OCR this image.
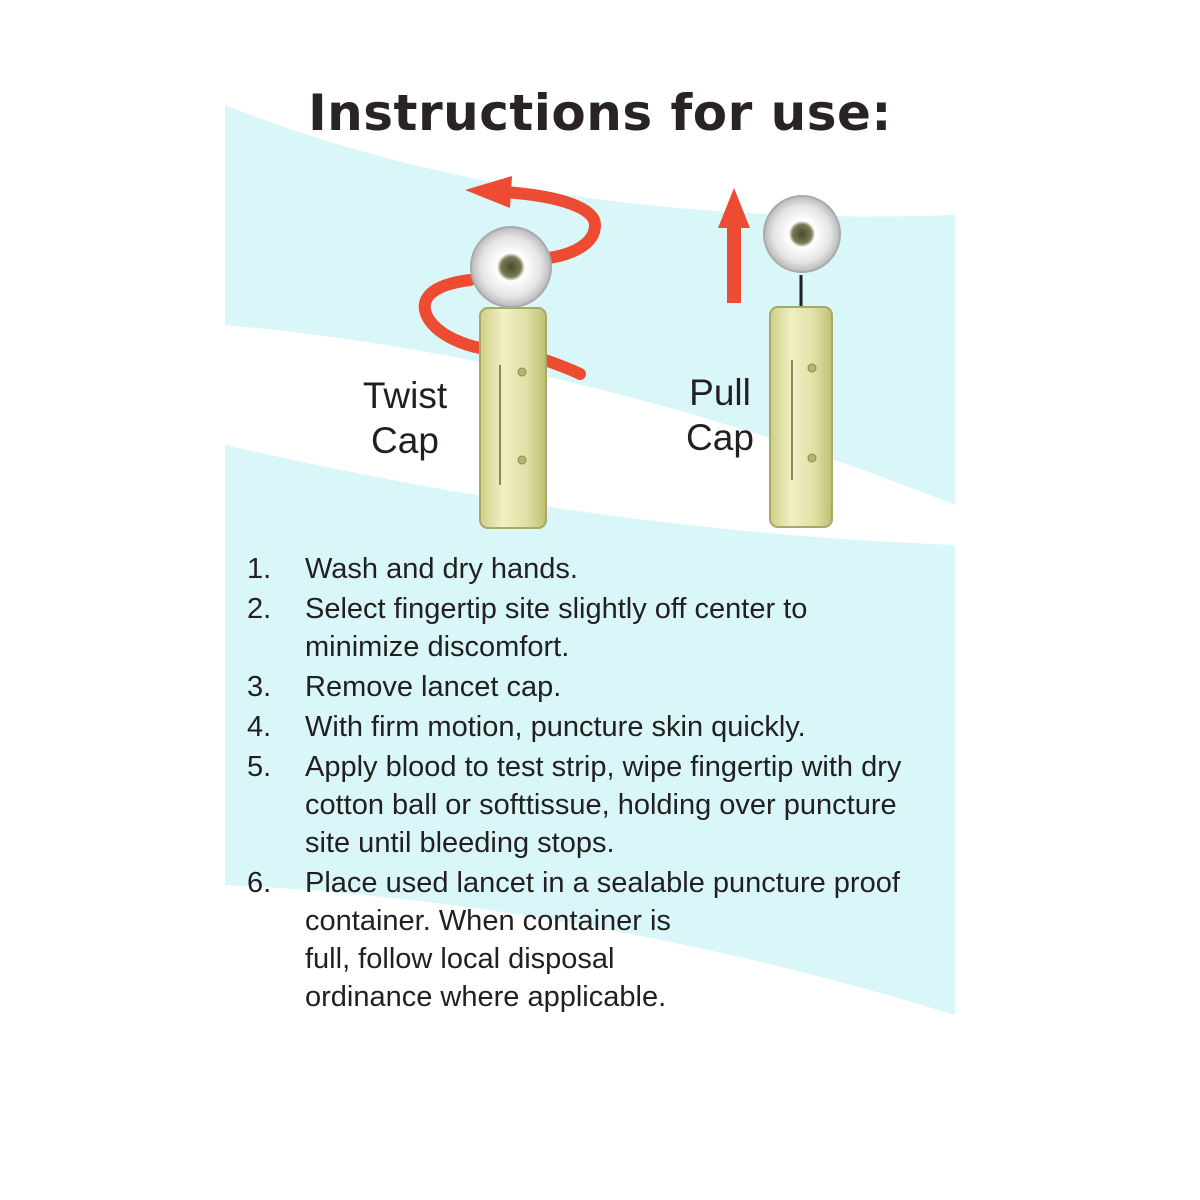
Instructions for use:
Twist
Cap
Pull
Cap
1. Wash and dry hands.
2. Select fingertip site slightly off center to
minimize discomfort.
3. Remove lancet cap.
4. With firm motion, puncture skin quickly.
5. Apply blood to test strip, wipe fingertip with dry
cotton ball or softtissue, holding over puncture
site until bleeding stops.
6. Place used lancet in a sealable puncture proof
container. When container is
full, follow local disposal
ordinance where applicable.
